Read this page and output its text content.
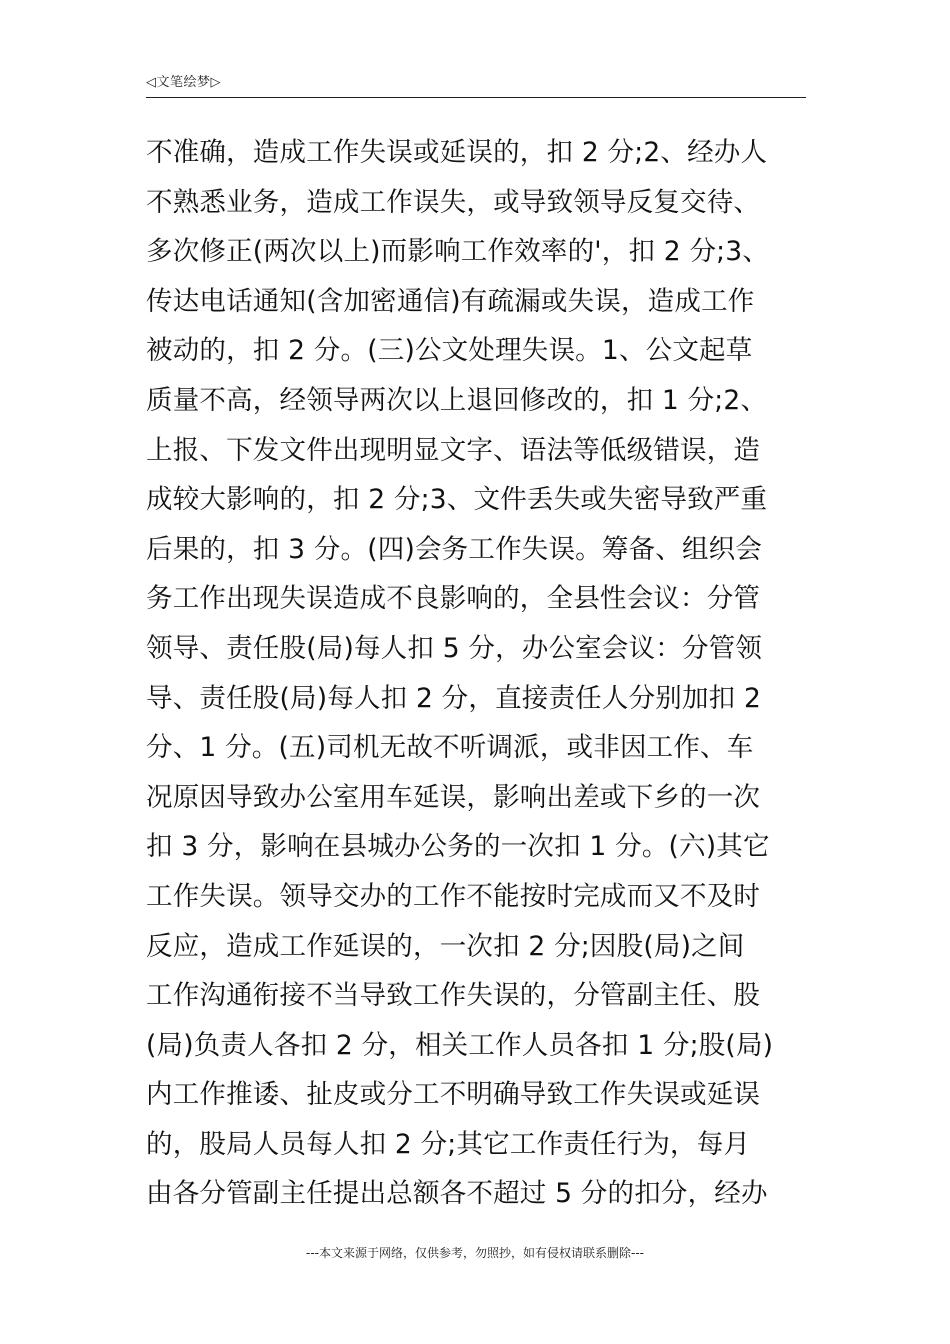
◁文笔绘梦▷
不准确，造成工作失误或延误的，扣 2 分;2、经办人
不熟悉业务，造成工作误失，或导致领导反复交待、
多次修正(两次以上)而影响工作效率的'，扣 2 分;3、
传达电话通知(含加密通信)有疏漏或失误，造成工作
被动的，扣 2 分。(三)公文处理失误。1、公文起草
质量不高，经领导两次以上退回修改的，扣 1 分;2、
上报、下发文件出现明显文字、语法等低级错误，造
成较大影响的，扣 2 分;3、文件丢失或失密导致严重
后果的，扣 3 分。(四)会务工作失误。筹备、组织会
务工作出现失误造成不良影响的，全县性会议：分管
领导、责任股(局)每人扣 5 分，办公室会议：分管领
导、责任股(局)每人扣 2 分，直接责任人分别加扣 2
分、1 分。(五)司机无故不听调派，或非因工作、车
况原因导致办公室用车延误，影响出差或下乡的一次
扣 3 分，影响在县城办公务的一次扣 1 分。(六)其它
工作失误。领导交办的工作不能按时完成而又不及时
反应，造成工作延误的，一次扣 2 分;因股(局)之间
工作沟通衔接不当导致工作失误的，分管副主任、股
(局)负责人各扣 2 分，相关工作人员各扣 1 分;股(局)
内工作推诿、扯皮或分工不明确导致工作失误或延误
的，股局人员每人扣 2 分;其它工作责任行为，每月
由各分管副主任提出总额各不超过 5 分的扣分，经办
---本文来源于网络，仅供参考，勿照抄，如有侵权请联系删除---
